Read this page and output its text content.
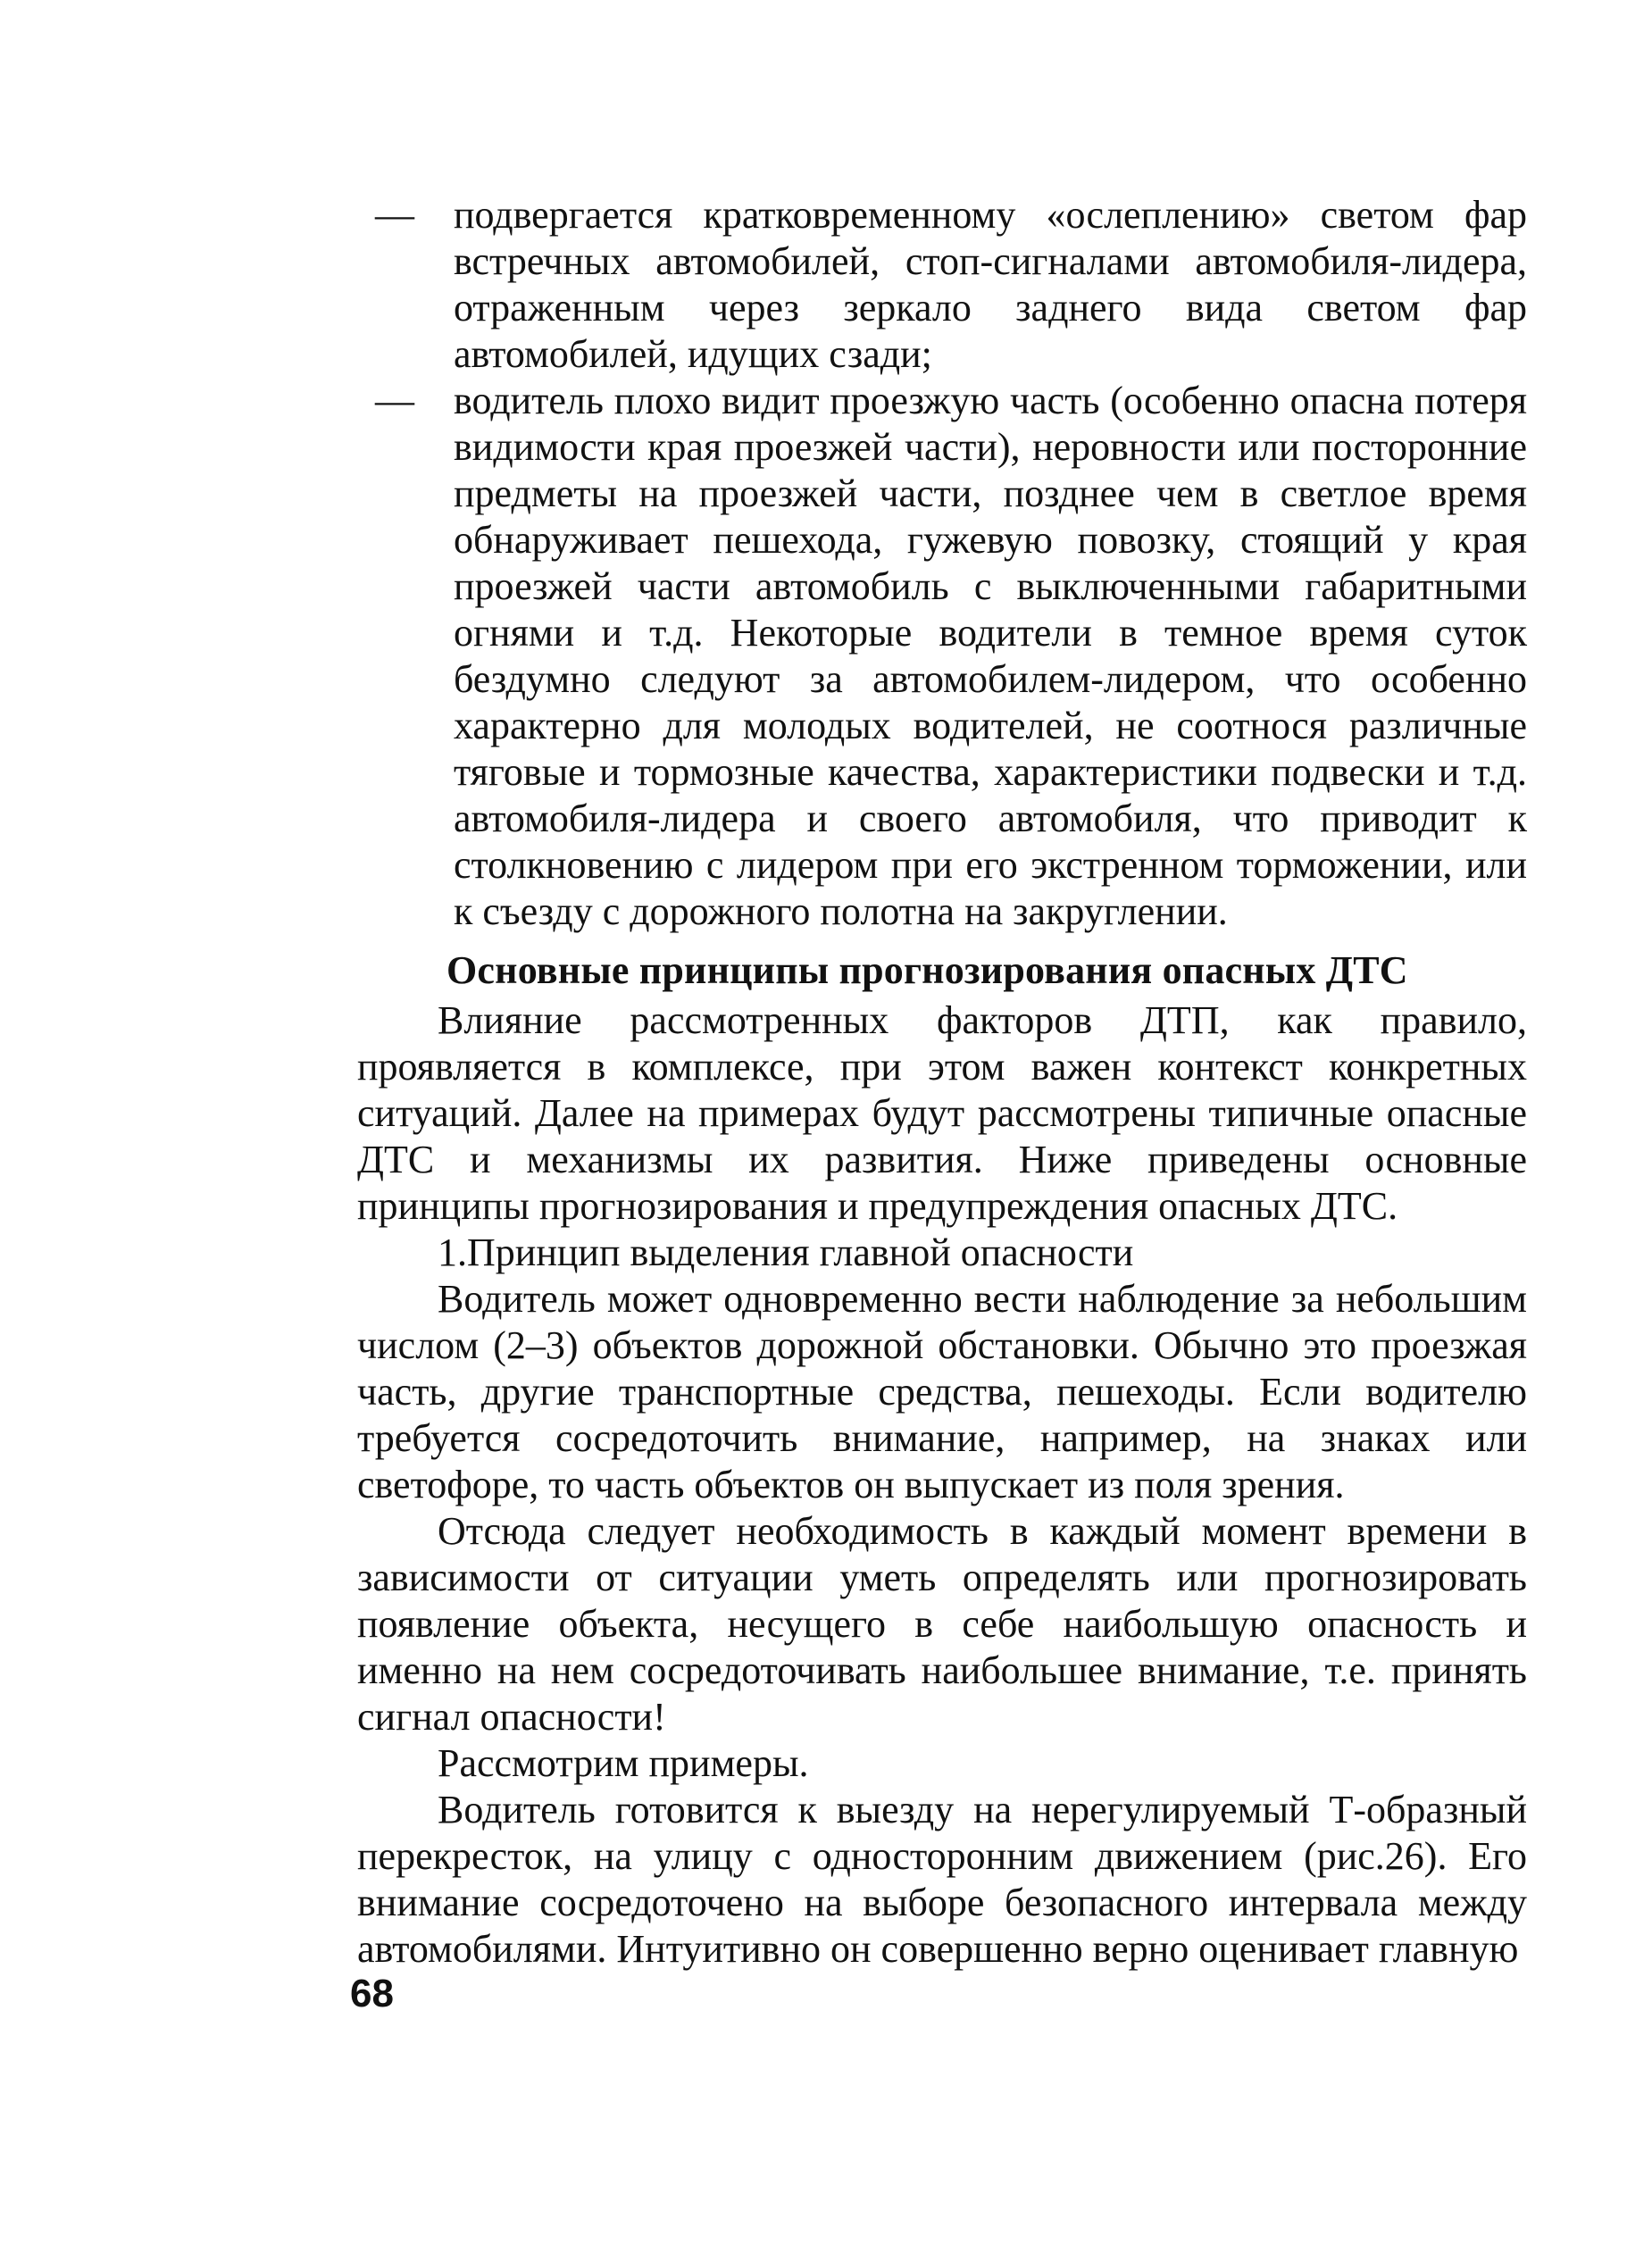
—	подвергается кратковременному «ослеплению» светом фар встречных автомобилей, стоп-сигналами автомобиля-лидера, отраженным через зеркало заднего вида светом фар автомобилей, идущих сзади;

—	водитель плохо видит проезжую часть (особенно опасна потеря видимости края проезжей части), неровности или посторонние предметы на проезжей части, позднее чем в светлое время обнаруживает пешехода, гужевую повозку, стоящий у края проезжей части автомобиль с выключенными габаритными огнями и т.д. Некоторые водители в темное время суток бездумно следуют за автомобилем-лидером, что особенно характерно для молодых водителей, не соотнося различные тяговые и тормозные качества, характеристики подвески и т.д. автомобиля-лидера и своего автомобиля, что приводит к столкновению с лидером при его экстренном торможении, или к съезду с дорожного полотна на закруглении.

Основные принципы прогнозирования опасных ДТС

Влияние рассмотренных факторов ДТП, как правило, проявляется в комплексе, при этом важен контекст конкретных ситуаций. Далее на примерах будут рассмотрены типичные опасные ДТС и механизмы их развития. Ниже приведены основные принципы прогнозирования и предупреждения опасных ДТС.

1.Принцип выделения главной опасности

Водитель может одновременно вести наблюдение за небольшим числом (2–3) объектов дорожной обстановки. Обычно это проезжая часть, другие транспортные средства, пешеходы. Если водителю требуется сосредоточить внимание, например, на знаках или светофоре, то часть объектов он выпускает из поля зрения.

Отсюда следует необходимость в каждый момент времени в зависимости от ситуации уметь определять или прогнозировать появление объекта, несущего в себе наибольшую опасность и именно на нем сосредоточивать наибольшее внимание, т.е. принять сигнал опасности!

Рассмотрим примеры.

Водитель готовится к выезду на нерегулируемый Т-образный перекресток, на улицу с односторонним движением (рис.26). Его внимание сосредоточено на выборе безопасного интервала между автомобилями. Интуитивно он совершенно верно оценивает главную

68
